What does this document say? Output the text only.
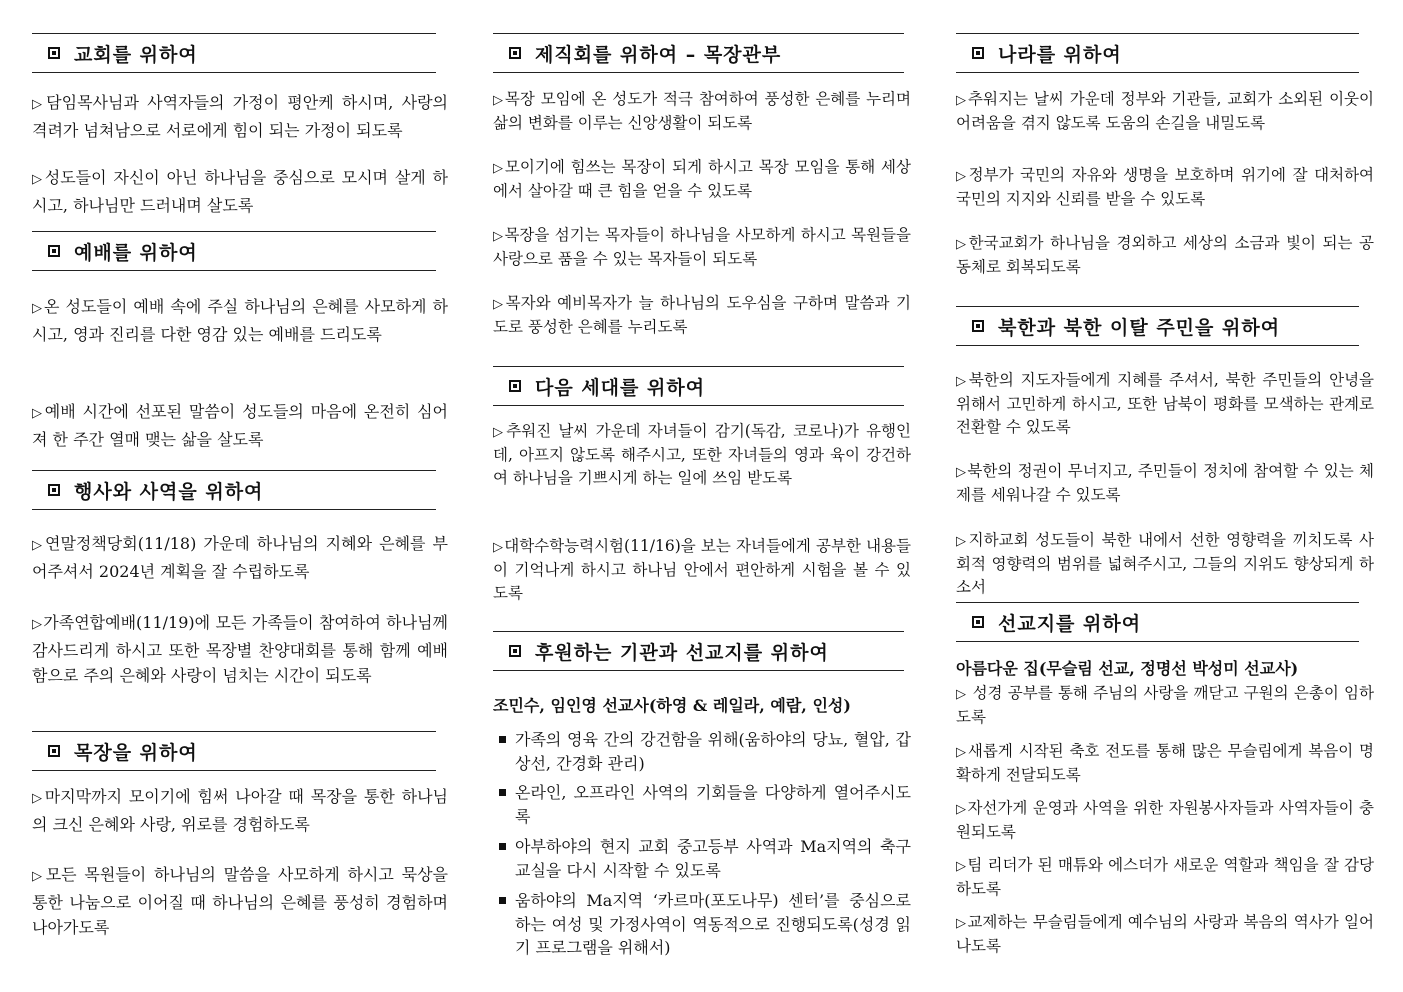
교회를 위하여
▷담임목사님과 사역자들의 가정이 평안케 하시며, 사랑의 격려가 넘쳐남으로 서로에게 힘이 되는 가정이 되도록
▷성도들이 자신이 아닌 하나님을 중심으로 모시며 살게 하시고, 하나님만 드러내며 살도록
예배를 위하여
▷온 성도들이 예배 속에 주실 하나님의 은혜를 사모하게 하시고, 영과 진리를 다한 영감 있는 예배를 드리도록
▷예배 시간에 선포된 말씀이 성도들의 마음에 온전히 심어져 한 주간 열매 맺는 삶을 살도록
행사와 사역을 위하여
▷연말정책당회(11/18) 가운데 하나님의 지혜와 은혜를 부어주셔서 2024년 계획을 잘 수립하도록
▷가족연합예배(11/19)에 모든 가족들이 참여하여 하나님께 감사드리게 하시고 또한 목장별 찬양대회를 통해 함께 예배함으로 주의 은혜와 사랑이 넘치는 시간이 되도록
목장을 위하여
▷마지막까지 모이기에 힘써 나아갈 때 목장을 통한 하나님의 크신 은혜와 사랑, 위로를 경험하도록
▷모든 목원들이 하나님의 말씀을 사모하게 하시고 묵상을 통한 나눔으로 이어질 때 하나님의 은혜를 풍성히 경험하며 나아가도록
제직회를 위하여 – 목장관부
▷목장 모임에 온 성도가 적극 참여하여 풍성한 은혜를 누리며 삶의 변화를 이루는 신앙생활이 되도록
▷모이기에 힘쓰는 목장이 되게 하시고 목장 모임을 통해 세상에서 살아갈 때 큰 힘을 얻을 수 있도록
▷목장을 섬기는 목자들이 하나님을 사모하게 하시고 목원들을 사랑으로 품을 수 있는 목자들이 되도록
▷목자와 예비목자가 늘 하나님의 도우심을 구하며 말씀과 기도로 풍성한 은혜를 누리도록
다음 세대를 위하여
▷추워진 날씨 가운데 자녀들이 감기(독감, 코로나)가 유행인데, 아프지 않도록 해주시고, 또한 자녀들의 영과 육이 강건하여 하나님을 기쁘시게 하는 일에 쓰임 받도록
▷대학수학능력시험(11/16)을 보는 자녀들에게 공부한 내용들이 기억나게 하시고 하나님 안에서 편안하게 시험을 볼 수 있도록
후원하는 기관과 선교지를 위하여
조민수, 임인영 선교사(하영 & 레일라, 예람, 인성)
가족의 영육 간의 강건함을 위해(움하야의 당뇨, 혈압, 갑상선, 간경화 관리)
온라인, 오프라인 사역의 기회들을 다양하게 열어주시도록
아부하야의 현지 교회 중고등부 사역과 Ma지역의 축구교실을 다시 시작할 수 있도록
움하야의 Ma지역 ‘카르마(포도나무) 센터’를 중심으로 하는 여성 및 가정사역이 역동적으로 진행되도록(성경 읽기 프로그램을 위해서)
나라를 위하여
▷추워지는 날씨 가운데 정부와 기관들, 교회가 소외된 이웃이 어려움을 겪지 않도록 도움의 손길을 내밀도록
▷정부가 국민의 자유와 생명을 보호하며 위기에 잘 대처하여 국민의 지지와 신뢰를 받을 수 있도록
▷한국교회가 하나님을 경외하고 세상의 소금과 빛이 되는 공동체로 회복되도록
북한과 북한 이탈 주민을 위하여
▷북한의 지도자들에게 지혜를 주셔서, 북한 주민들의 안녕을 위해서 고민하게 하시고, 또한 남북이 평화를 모색하는 관계로 전환할 수 있도록
▷북한의 정권이 무너지고, 주민들이 정치에 참여할 수 있는 체제를 세워나갈 수 있도록
▷지하교회 성도들이 북한 내에서 선한 영향력을 끼치도록 사회적 영향력의 범위를 넓혀주시고, 그들의 지위도 향상되게 하소서
선교지를 위하여
아름다운 집(무슬림 선교, 정명선 박성미 선교사)
▷ 성경 공부를 통해 주님의 사랑을 깨닫고 구원의 은총이 임하도록
▷새롭게 시작된 축호 전도를 통해 많은 무슬림에게 복음이 명확하게 전달되도록
▷자선가게 운영과 사역을 위한 자원봉사자들과 사역자들이 충원되도록
▷팀 리더가 된 매튜와 에스더가 새로운 역할과 책임을 잘 감당하도록
▷교제하는 무슬림들에게 예수님의 사랑과 복음의 역사가 일어나도록
